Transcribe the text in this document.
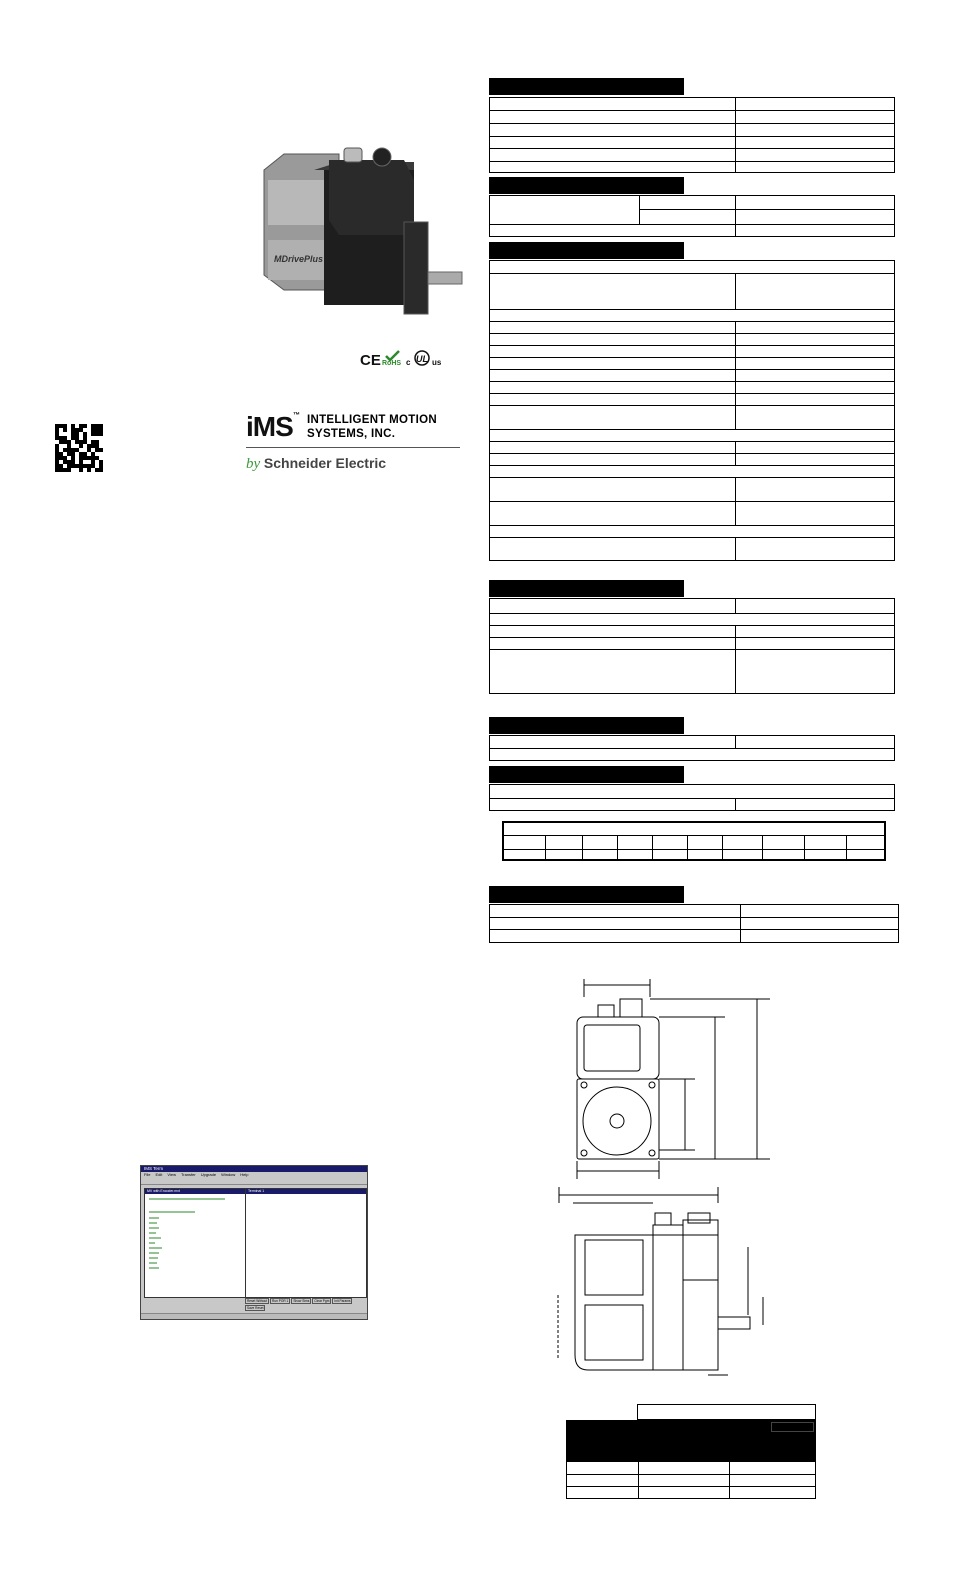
MDrivePlus
CE RoHS c UL us
iMS ™ INTELLIGENT MOTION
SYSTEMS, INC.
by Schneider Electric
IMS Term
File Edit View Transfer Upgrade Window Help
MV with Encoder.mxt	Terminal 1
Reset Without	Run POR 1	Show Sims	Clear Pgm	Init Params
Save Reset
